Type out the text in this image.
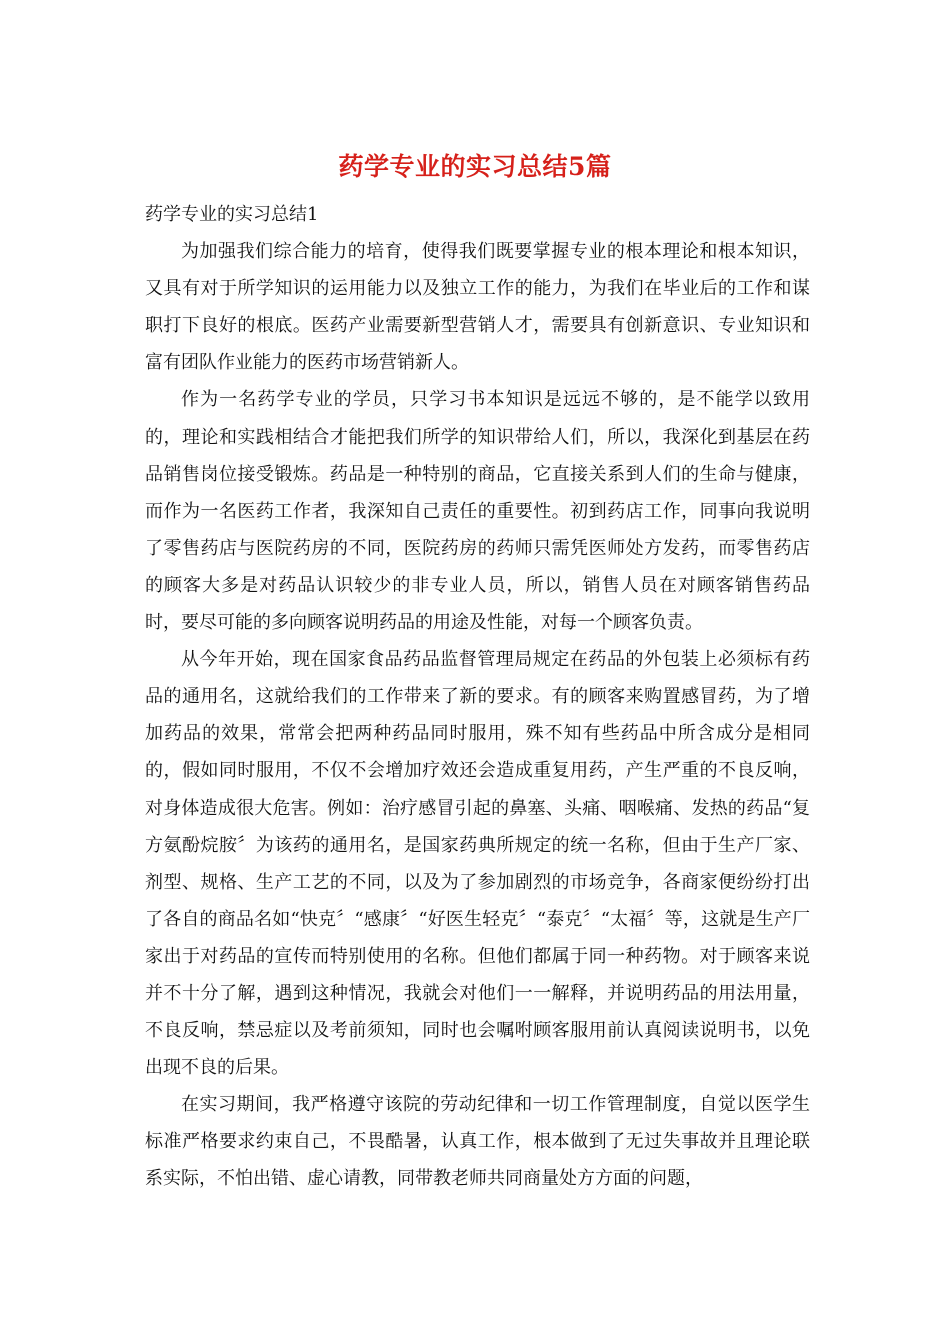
药学专业的实习总结5篇

药学专业的实习总结1

为加强我们综合能力的培育，使得我们既要掌握专业的根本理论和根本知识，又具有对于所学知识的运用能力以及独立工作的能力，为我们在毕业后的工作和谋职打下良好的根底。医药产业需要新型营销人才，需要具有创新意识、专业知识和富有团队作业能力的医药市场营销新人。

作为一名药学专业的学员，只学习书本知识是远远不够的，是不能学以致用的，理论和实践相结合才能把我们所学的知识带给人们，所以，我深化到基层在药品销售岗位接受锻炼。药品是一种特别的商品，它直接关系到人们的生命与健康，而作为一名医药工作者，我深知自己责任的重要性。初到药店工作，同事向我说明了零售药店与医院药房的不同，医院药房的药师只需凭医师处方发药，而零售药店的顾客大多是对药品认识较少的非专业人员，所以，销售人员在对顾客销售药品时，要尽可能的多向顾客说明药品的用途及性能，对每一个顾客负责。

从今年开始，现在国家食品药品监督管理局规定在药品的外包装上必须标有药品的通用名，这就给我们的工作带来了新的要求。有的顾客来购置感冒药，为了增加药品的效果，常常会把两种药品同时服用，殊不知有些药品中所含成分是相同的，假如同时服用，不仅不会增加疗效还会造成重复用药，产生严重的不良反响，对身体造成很大危害。例如：治疗感冒引起的鼻塞、头痛、咽喉痛、发热的药品“复方氨酚烷胺〞为该药的通用名，是国家药典所规定的统一名称，但由于生产厂家、剂型、规格、生产工艺的不同，以及为了参加剧烈的市场竞争，各商家便纷纷打出了各自的商品名如“快克〞“感康〞“好医生轻克〞“泰克〞“太福〞等，这就是生产厂家出于对药品的宣传而特别使用的名称。但他们都属于同一种药物。对于顾客来说并不十分了解，遇到这种情况，我就会对他们一一解释，并说明药品的用法用量，不良反响，禁忌症以及考前须知，同时也会嘱咐顾客服用前认真阅读说明书，以免出现不良的后果。

在实习期间，我严格遵守该院的劳动纪律和一切工作管理制度，自觉以医学生标准严格要求约束自己，不畏酷暑，认真工作，根本做到了无过失事故并且理论联系实际，不怕出错、虚心请教，同带教老师共同商量处方方面的问题，
